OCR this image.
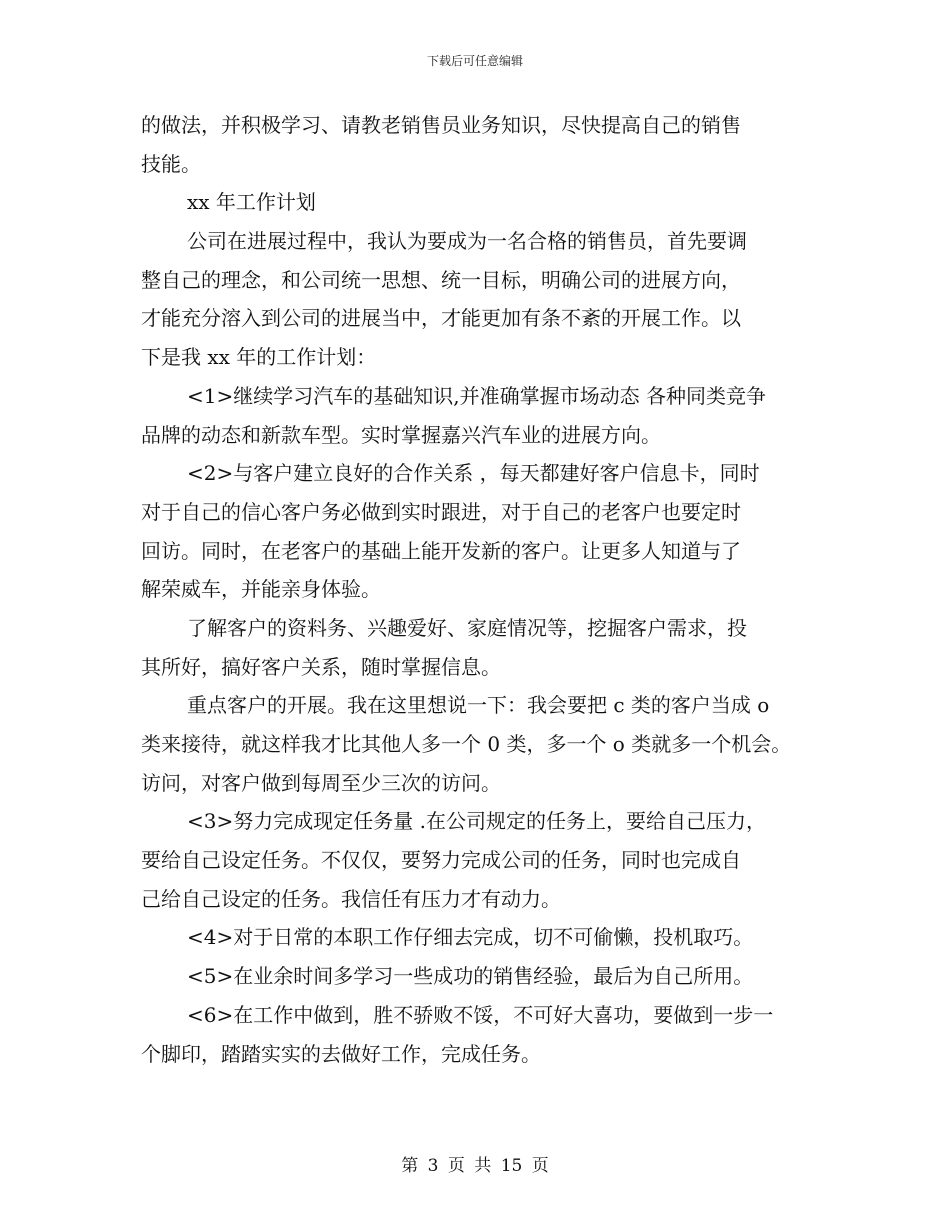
下载后可任意编辑
的做法，并积极学习、请教老销售员业务知识，尽快提高自己的销售
技能。
xx 年工作计划
公司在进展过程中，我认为要成为一名合格的销售员，首先要调
整自己的理念，和公司统一思想、统一目标，明确公司的进展方向，
才能充分溶入到公司的进展当中，才能更加有条不紊的开展工作。以
下是我 xx 年的工作计划：
<1>继续学习汽车的基础知识,并准确掌握市场动态 各种同类竞争
品牌的动态和新款车型。实时掌握嘉兴汽车业的进展方向。
<2>与客户建立良好的合作关系 ，每天都建好客户信息卡，同时
对于自己的信心客户务必做到实时跟进，对于自己的老客户也要定时
回访。同时，在老客户的基础上能开发新的客户。让更多人知道与了
解荣威车，并能亲身体验。
了解客户的资料务、兴趣爱好、家庭情况等，挖掘客户需求，投
其所好，搞好客户关系，随时掌握信息。
重点客户的开展。我在这里想说一下：我会要把 c 类的客户当成 o
类来接待，就这样我才比其他人多一个 0 类，多一个 o 类就多一个机会。
访问，对客户做到每周至少三次的访问。
<3>努力完成现定任务量 .在公司规定的任务上，要给自己压力，
要给自己设定任务。不仅仅，要努力完成公司的任务，同时也完成自
己给自己设定的任务。我信任有压力才有动力。
<4>对于日常的本职工作仔细去完成，切不可偷懒，投机取巧。
<5>在业余时间多学习一些成功的销售经验，最后为自己所用。
<6>在工作中做到，胜不骄败不馁，不可好大喜功，要做到一步一
个脚印，踏踏实实的去做好工作，完成任务。
第 3 页 共 15 页
